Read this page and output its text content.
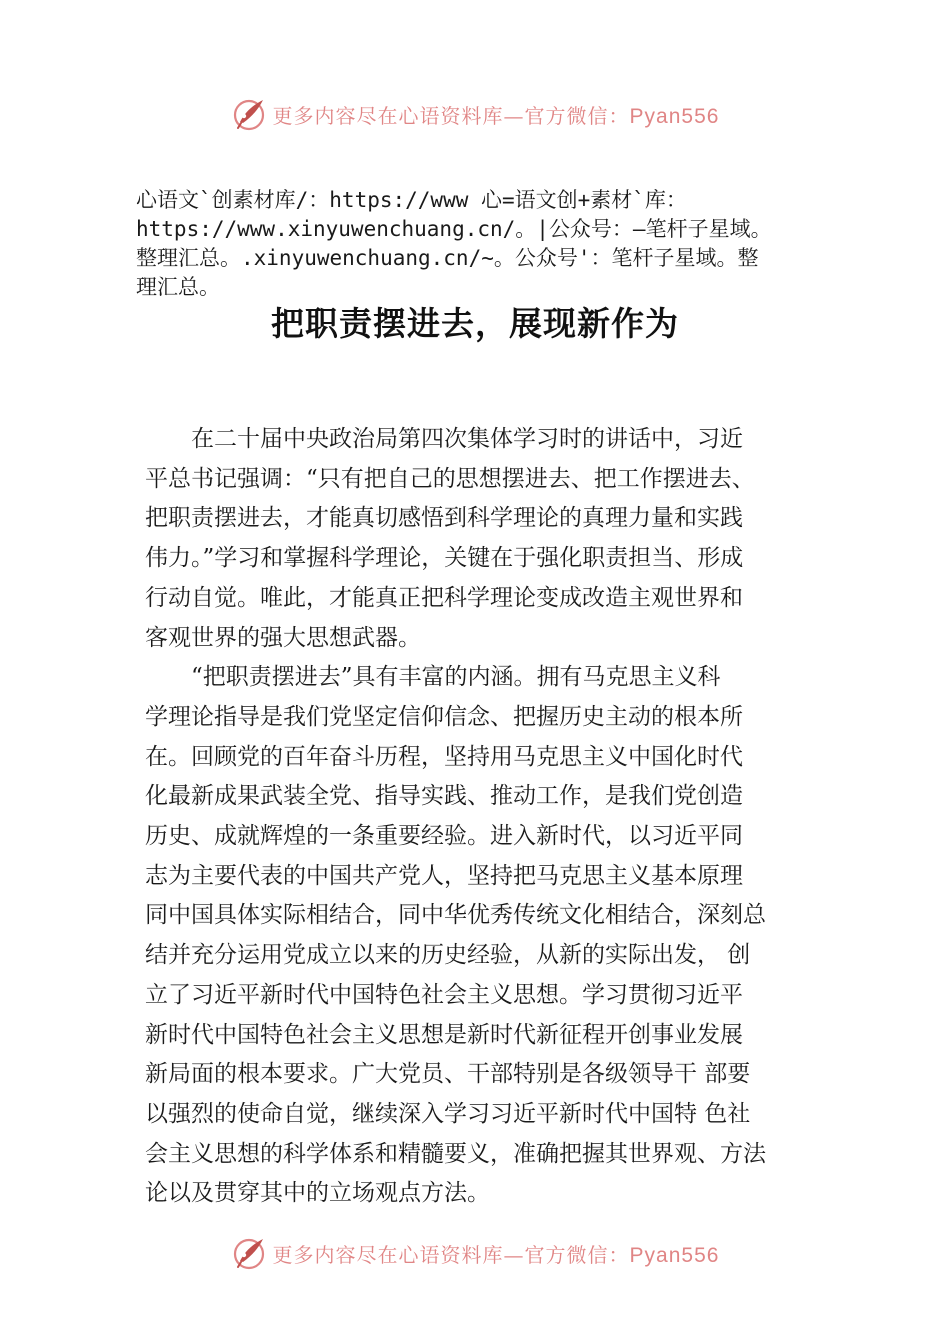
更多内容尽在心语资料库—官方微信：Pyan556
心语文`创素材库/：https://www 心=语文创+素材`库：
https://www.xinyuwenchuang.cn/。|公众号：—笔杆子星域。
整理汇总。.xinyuwenchuang.cn/~。公众号'：笔杆子星域。整
理汇总。
把职责摆进去，展现新作为
　　在二十届中央政治局第四次集体学习时的讲话中，习近
平总书记强调：“只有把自己的思想摆进去、把工作摆进去、
把职责摆进去，才能真切感悟到科学理论的真理力量和实践
伟力。”学习和掌握科学理论，关键在于强化职责担当、形成
行动自觉。唯此，才能真正把科学理论变成改造主观世界和
客观世界的强大思想武器。
　　“把职责摆进去”具有丰富的内涵。拥有马克思主义科
学理论指导是我们党坚定信仰信念、把握历史主动的根本所
在。回顾党的百年奋斗历程，坚持用马克思主义中国化时代
化最新成果武装全党、指导实践、推动工作，是我们党创造
历史、成就辉煌的一条重要经验。进入新时代，以习近平同
志为主要代表的中国共产党人，坚持把马克思主义基本原理
同中国具体实际相结合，同中华优秀传统文化相结合，深刻总
结并充分运用党成立以来的历史经验，从新的实际出发， 创
立了习近平新时代中国特色社会主义思想。学习贯彻习近平
新时代中国特色社会主义思想是新时代新征程开创事业发展
新局面的根本要求。广大党员、干部特别是各级领导干 部要
以强烈的使命自觉，继续深入学习习近平新时代中国特 色社
会主义思想的科学体系和精髓要义，准确把握其世界观、方法
论以及贯穿其中的立场观点方法。
更多内容尽在心语资料库—官方微信：Pyan556
